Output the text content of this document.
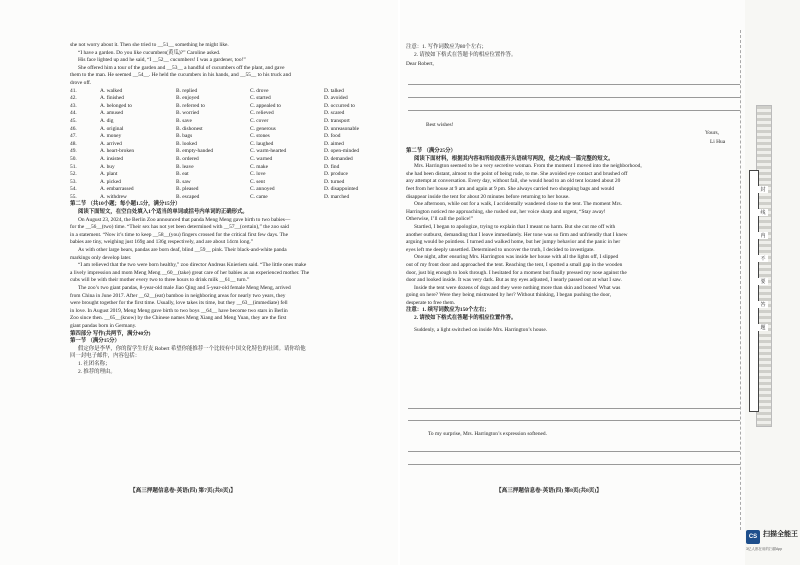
she not worry about it. Then she tried to __51__ something he might like.

“I have a garden. Do you like cucumbers(黄瓜)?” Caroline asked.

His face lighted up and he said, “I __52__ cucumbers! I was a gardener, too!”

She offered him a tour of the garden and __53__ a handful of cucumbers off the plant, and gave

them to the man. He seemed __54__. He held the cucumbers in his hands, and __55__ to his truck and

drove off.

41.	A. walked	B. replied	C. drove	D. talked
42.	A. finished	B. enjoyed	C. started	D. avoided
43.	A. belonged to	B. referred to	C. appealed to	D. occurred to
44.	A. amused	B. worried	C. relieved	D. scared
45.	A. dig	B. save	C. cover	D. transport
46.	A. original	B. dishonest	C. generous	D. unreasonable
47.	A. money	B. bags	C. stones	D. food
48.	A. arrived	B. looked	C. laughed	D. aimed
49.	A. heart-broken	B. empty-handed	C. warm-hearted	D. open-minded
50.	A. insisted	B. ordered	C. warned	D. demanded
51.	A. buy	B. leave	C. make	D. find
52.	A. plant	B. eat	C. love	D. produce
53.	A. picked	B. saw	C. sent	D. turned
54.	A. embarrassed	B. pleased	C. annoyed	D. disappointed
55.	A. withdrew	B. escaped	C. came	D. marched

第二节 （共10小题；每小题1.5分，满分15分）

阅读下面短文，在空白处填入1个适当的单词或括号内单词的正确形式。

On August 23, 2024, the Berlin Zoo announced that panda Meng Meng gave birth to two babies—

for the __56__(two) time. “Their sex has not yet been determined with __57__(certain),” the zoo said

in a statement. “Now it’s time to keep __58__(you) fingers crossed for the critical first few days. The

babies are tiny, weighing just 169g and 136g respectively, and are about 14cm long.”

As with other large bears, pandas are born deaf, blind __59__ pink. Their black-and-white panda

markings only develop later.

“I am relieved that the two were born healthy,” zoo director Andreas Knieriem said. “The little ones make

a lively impression and mom Meng Meng __60__(take) great care of her babies as an experienced mother. The

cubs will be with their mother every two to three hours to drink milk __61__ turn.”

The zoo’s two giant pandas, 8-year-old male Jiao Qing and 5-year-old female Meng Meng, arrived

from China in June 2017. After __62__(eat) bamboo in neighboring areas for nearly two years, they

were brought together for the first time. Usually, love takes its time, but they __63__(immediate) fell

in love. In August 2019, Meng Meng gave birth to two boys __64__ have become two stars in Berlin

Zoo since then. __65__(know) by the Chinese names Meng Xiang and Meng Yuan, they are the first

giant pandas born in Germany.

第四部分 写作(共两节，满分40分)

第一节 （满分15分）

假定你是李华，你的留学生好友 Robert 希望你能推荐一个比较有中国文化特色的社团。请你给他

回一封电子邮件，内容包括：

1. 社团名称；

2. 推荐的理由。

【高三押题信息卷·英语(四) 第7页(共8页)】

注意：1. 写作词数应为80个左右；

2. 请按如下格式在答题卡的相应位置作答。

Dear Robert,

Best wishes!
Yours,
Li Hua

第二节 （满分25分）

阅读下面材料，根据其内容和所给段落开头语续写两段，使之构成一篇完整的短文。

Mrs. Harrington seemed to be a very secretive woman. From the moment I moved into the neighborhood,

she had been distant, almost to the point of being rude, to me. She avoided eye contact and brushed off

any attempt at conversation. Every day, without fail, she would head to an old tent located about 20

feet from her house at 9 am and again at 9 pm. She always carried two shopping bags and would

disappear inside the tent for about 20 minutes before returning to her house.

One afternoon, while out for a walk, I accidentally wandered close to the tent. The moment Mrs.

Harrington noticed me approaching, she rushed out, her voice sharp and urgent, “Stay away!

Otherwise, I’ll call the police!”

Startled, I began to apologize, trying to explain that I meant no harm. But she cut me off with

another outburst, demanding that I leave immediately. Her tone was so firm and unfriendly that I knew

arguing would be pointless. I turned and walked home, but her jumpy behavior and the panic in her

eyes left me deeply unsettled. Determined to uncover the truth, I decided to investigate.

One night, after ensuring Mrs. Harrington was inside her house with all the lights off, I slipped

out of my front door and approached the tent. Reaching the tent, I spotted a small gap in the wooden

door, just big enough to look through. I hesitated for a moment but finally pressed my nose against the

door and looked inside. It was very dark. But as my eyes adjusted, I nearly passed out at what I saw.

Inside the tent were dozens of dogs and they were nothing more than skin and bones! What was

going on here? Were they being mistreated by her? Without thinking, I began pushing the door,

desperate to free them.

注意：1. 续写词数应为150个左右；

2. 请按如下格式在答题卡的相应位置作答。

Suddenly, a light switched on inside Mrs. Harrington’s house.

To my surprise, Mrs. Harrington’s expression softened.
【高三押题信息卷·英语(四) 第8页(共8页)】
封
线
内
不
要
答
题
CS 扫描全能王
3亿人都在用的扫描App
